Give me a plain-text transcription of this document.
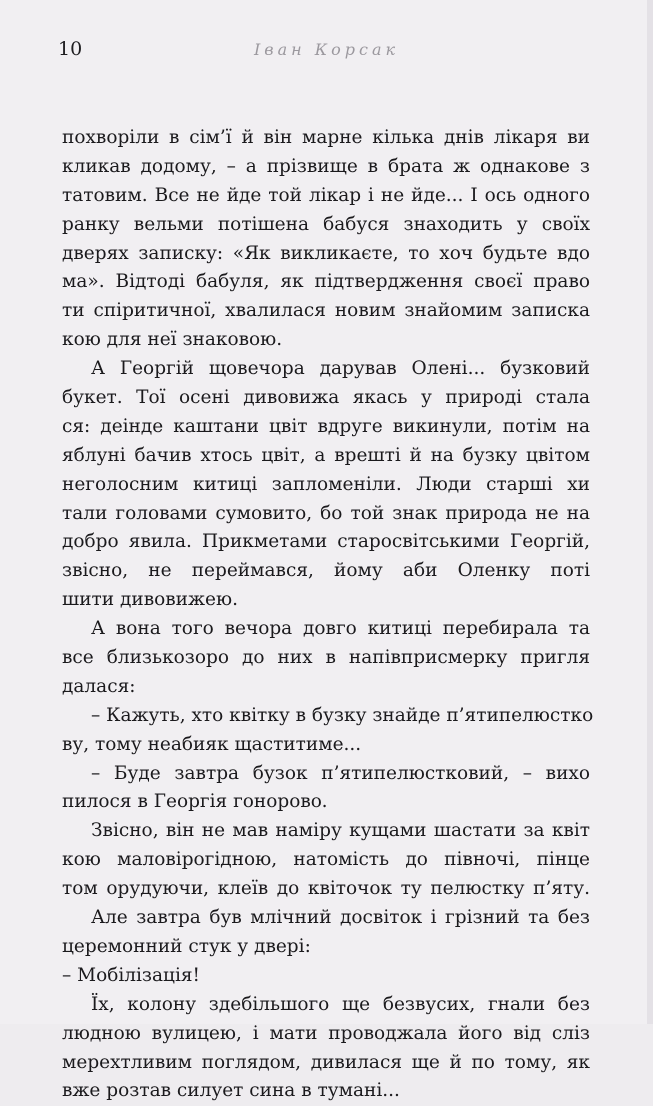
10	Іван Корсак
похворіли в сім’ї й він марне кілька днів лікаря ви
кликав додому, – а прізвище в брата ж однакове з
татовим. Все не йде той лікар і не йде... І ось одного
ранку вельми потішена бабуся знаходить у своїх
дверях записку: «Як викликаєте, то хоч будьте вдо
ма». Відтоді бабуля, як підтвердження своєї право
ти спіритичної, хвалилася новим знайомим записка
кою для неї знаковою.
А Георгій щовечора дарував Олені... бузковий
букет. Тої осені дивовижа якась у природі стала
ся: деінде каштани цвіт вдруге викинули, потім на
яблуні бачив хтось цвіт, а врешті й на бузку цвітом
неголосним китиці запломеніли. Люди старші хи
тали головами сумовито, бо той знак природа не на
добро явила. Прикметами старосвітськими Георгій,
звісно, не переймався, йому аби Оленку поті
шити дивовижею.
А вона того вечора довго китиці перебирала та
все близькозоро до них в напівприсмерку пригля
далася:
– Кажуть, хто квітку в бузку знайде п’ятипелюстко
ву, тому неабияк щаститиме...
– Буде завтра бузок п’ятипелюстковий, – вихо
пилося в Георгія гоноровo.
Звісно, він не мав наміру кущами шастати за квіт
кою маловірогідною, натомість до півночі, пінце
том орудуючи, клеїв до квіточок ту пелюстку п’яту.
Але завтра був млічний досвіток і грізний та без
церемонний стук у двері:
– Мобілізація!
Їх, колону здебільшого ще безвусих, гнали без
людною вулицею, і мати проводжала його від сліз
мерехтливим поглядом, дивилася ще й по тому, як
вже розтав силует сина в тумані...
